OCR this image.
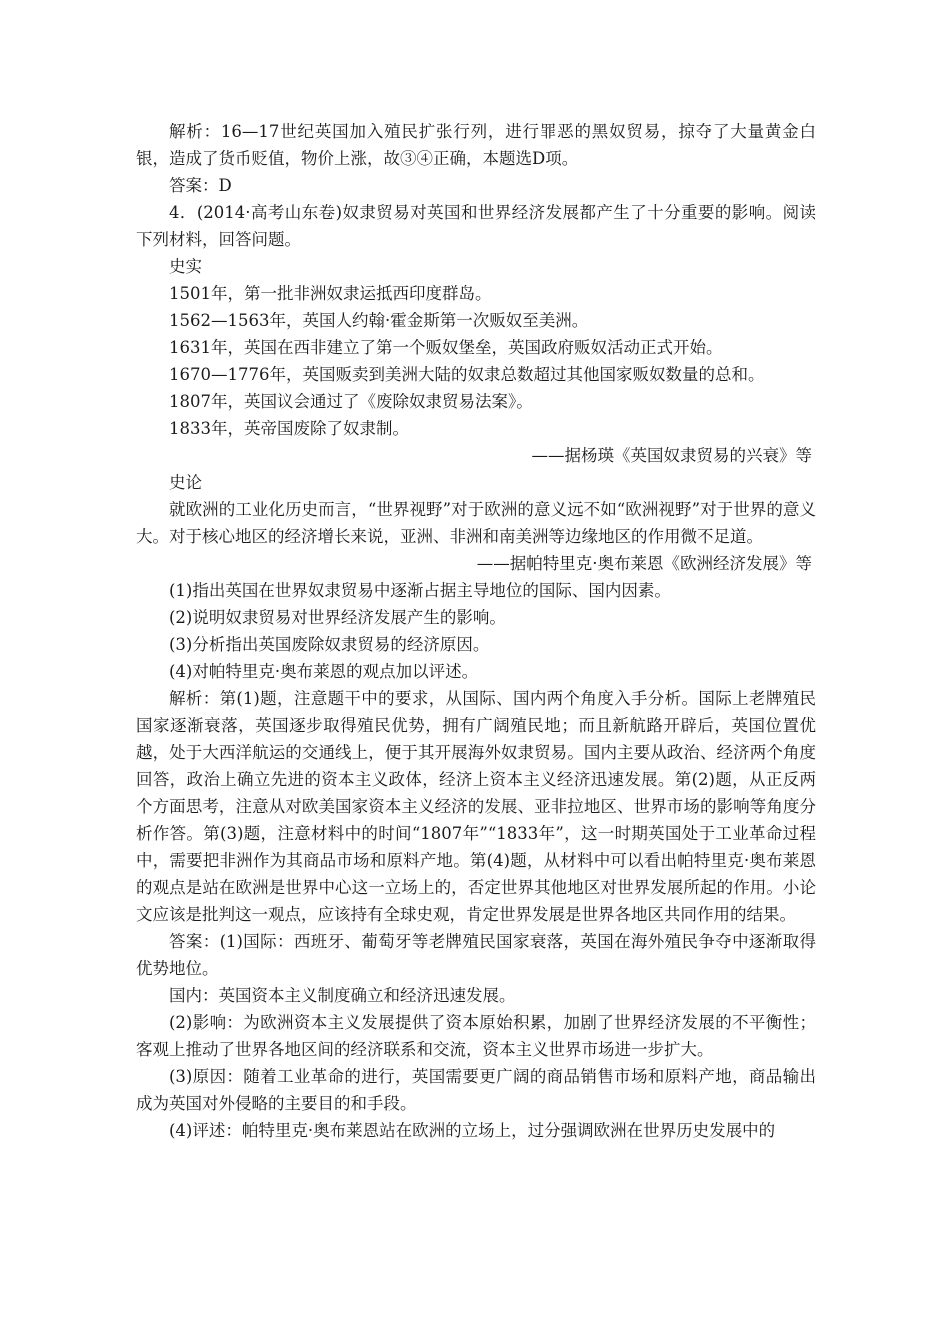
解析：16—17世纪英国加入殖民扩张行列，进行罪恶的黑奴贸易，掠夺了大量黄金白银，造成了货币贬值，物价上涨，故③④正确，本题选D项。

答案：D

4．(2014·高考山东卷)奴隶贸易对英国和世界经济发展都产生了十分重要的影响。阅读下列材料，回答问题。

史实

1501年，第一批非洲奴隶运抵西印度群岛。

1562—1563年，英国人约翰·霍金斯第一次贩奴至美洲。

1631年，英国在西非建立了第一个贩奴堡垒，英国政府贩奴活动正式开始。

1670—1776年，英国贩卖到美洲大陆的奴隶总数超过其他国家贩奴数量的总和。

1807年，英国议会通过了《废除奴隶贸易法案》。

1833年，英帝国废除了奴隶制。

——据杨瑛《英国奴隶贸易的兴衰》等

史论

就欧洲的工业化历史而言，“世界视野”对于欧洲的意义远不如“欧洲视野”对于世界的意义大。对于核心地区的经济增长来说，亚洲、非洲和南美洲等边缘地区的作用微不足道。

——据帕特里克·奥布莱恩《欧洲经济发展》等

(1)指出英国在世界奴隶贸易中逐渐占据主导地位的国际、国内因素。

(2)说明奴隶贸易对世界经济发展产生的影响。

(3)分析指出英国废除奴隶贸易的经济原因。

(4)对帕特里克·奥布莱恩的观点加以评述。

解析：第(1)题，注意题干中的要求，从国际、国内两个角度入手分析。国际上老牌殖民国家逐渐衰落，英国逐步取得殖民优势，拥有广阔殖民地；而且新航路开辟后，英国位置优越，处于大西洋航运的交通线上，便于其开展海外奴隶贸易。国内主要从政治、经济两个角度回答，政治上确立先进的资本主义政体，经济上资本主义经济迅速发展。第(2)题，从正反两个方面思考，注意从对欧美国家资本主义经济的发展、亚非拉地区、世界市场的影响等角度分析作答。第(3)题，注意材料中的时间“1807年”“1833年”，这一时期英国处于工业革命过程中，需要把非洲作为其商品市场和原料产地。第(4)题，从材料中可以看出帕特里克·奥布莱恩的观点是站在欧洲是世界中心这一立场上的，否定世界其他地区对世界发展所起的作用。小论文应该是批判这一观点，应该持有全球史观，肯定世界发展是世界各地区共同作用的结果。

答案：(1)国际：西班牙、葡萄牙等老牌殖民国家衰落，英国在海外殖民争夺中逐渐取得优势地位。

国内：英国资本主义制度确立和经济迅速发展。

(2)影响：为欧洲资本主义发展提供了资本原始积累，加剧了世界经济发展的不平衡性；客观上推动了世界各地区间的经济联系和交流，资本主义世界市场进一步扩大。

(3)原因：随着工业革命的进行，英国需要更广阔的商品销售市场和原料产地，商品输出成为英国对外侵略的主要目的和手段。

(4)评述：帕特里克·奥布莱恩站在欧洲的立场上，过分强调欧洲在世界历史发展中的
